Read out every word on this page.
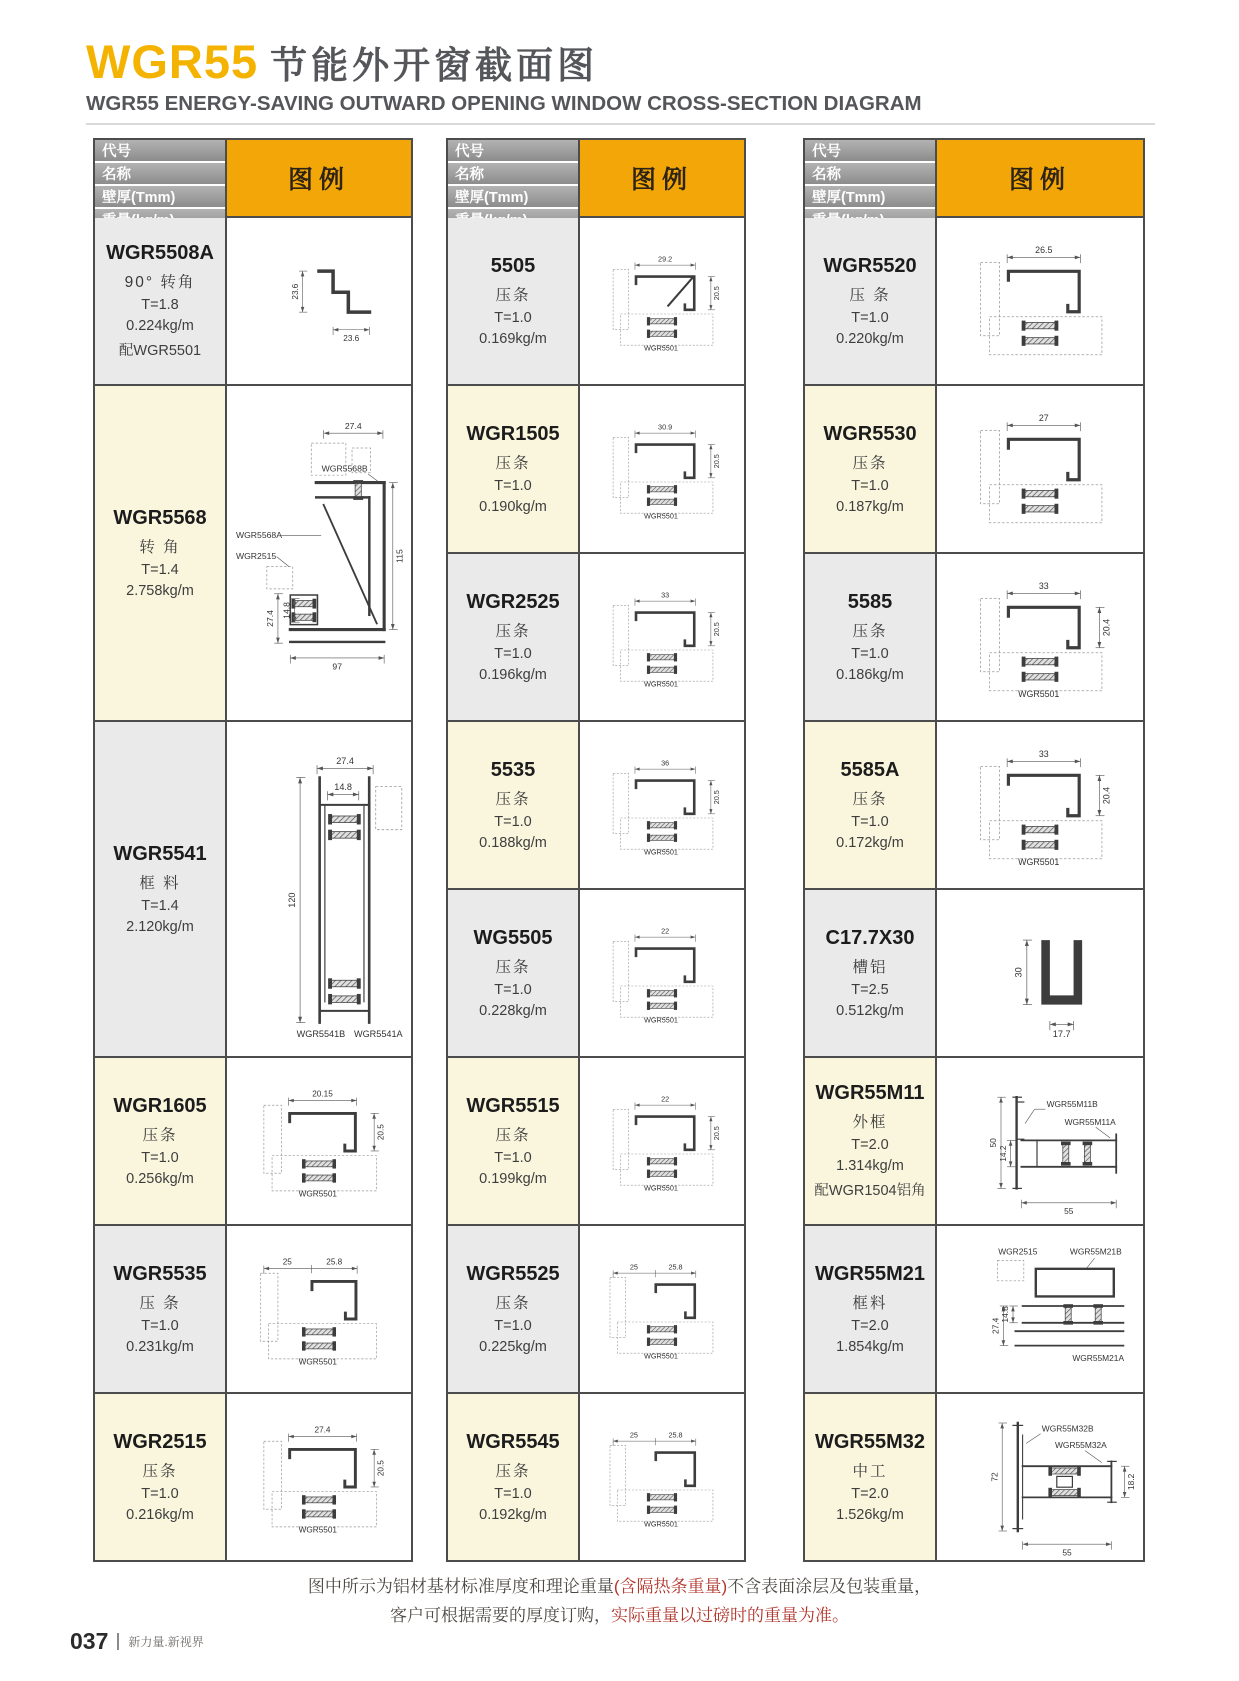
WGR55 节能外开窗截面图
WGR55 ENERGY-SAVING OUTWARD OPENING WINDOW CROSS-SECTION DIAGRAM
代号
名称
壁厚(Tmm)
图例
WGR5508A
90° 转角
T=1.8
0.224kg/m
配WGR5501
23.6
23.6
WGR5568
转 角
T=1.4
2.758kg/m
27.4
115
27.4 14.8
97
WGR5568B
WGR5568A
WGR2515
WGR5541
框 料
T=1.4
2.120kg/m
27.4
14.8
120
WGR5541B WGR5541A
WGR1605
压条
T=1.0
0.256kg/m
WGR5501
20.15
20.5
WGR5535
压 条
T=1.0
0.231kg/m
WGR5501
25 25.8
WGR2515
压条
T=1.0
0.216kg/m
WGR5501
27.4
20.5
代号
名称
壁厚(Tmm)
图例
5505
压条
T=1.0
0.169kg/m
WGR5501
29.2
20.5
WGR1505
压条
T=1.0
0.190kg/m
WGR5501
30.9
20.5
WGR2525
压条
T=1.0
0.196kg/m
WGR5501
33
20.5
5535
压条
T=1.0
0.188kg/m
WGR5501
36
20.5
WG5505
压条
T=1.0
0.228kg/m
WGR5501
22
WGR5515
压条
T=1.0
0.199kg/m
WGR5501
22
20.5
WGR5525
压条
T=1.0
0.225kg/m
WGR5501
25 25.8
WGR5545
压条
T=1.0
0.192kg/m
WGR5501
25 25.8
代号
名称
壁厚(Tmm)
图例
WGR5520
压 条
T=1.0
0.220kg/m
26.5
WGR5530
压条
T=1.0
0.187kg/m
27
5585
压条
T=1.0
0.186kg/m
WGR5501
33
20.4
5585A
压条
T=1.0
0.172kg/m
WGR5501
33
20.4
C17.7X30
槽铝
T=2.5
0.512kg/m
30
17.7
WGR55M11
外框
T=2.0
1.314kg/m
配WGR1504铝角
WGR55M11B
WGR55M11A
50
14.2
55
WGR55M21
框料
T=2.0
1.854kg/m
WGR2515 WGR55M21B
27.4
14.8
WGR55M21A
WGR55M32
中工
T=2.0
1.526kg/m
WGR55M32B
WGR55M32A
72	18.2
55
图中所示为铝材基材标准厚度和理论重量(含隔热条重量)不含表面涂层及包装重量，
客户可根据需要的厚度订购，实际重量以过磅时的重量为准。
037 新力量.新视界
